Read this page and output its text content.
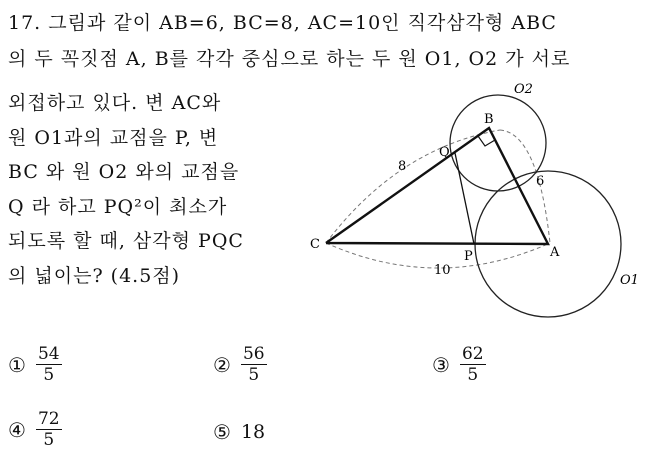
17. 그림과 같이 AB=6, BC=8, AC=10인 직각삼각형 ABC
의 두 꼭짓점 A, B를 각각 중심으로 하는 두 원 O1, O2 가 서로
외접하고 있다. 변 AC와
원 O1과의 교점을 P, 변
BC 와 원 O2 와의 교점을
Q 라 하고 PQ²이 최소가
되도록 할 때, 삼각형 PQC
의 넓이는? (4.5점)
B
Q
C
P	A
O2
O1
8
6
10
① $\frac{54}{5}$	② $\frac{56}{5}$	③ $\frac{62}{5}$
④ $\frac{72}{5}$	⑤ 18
